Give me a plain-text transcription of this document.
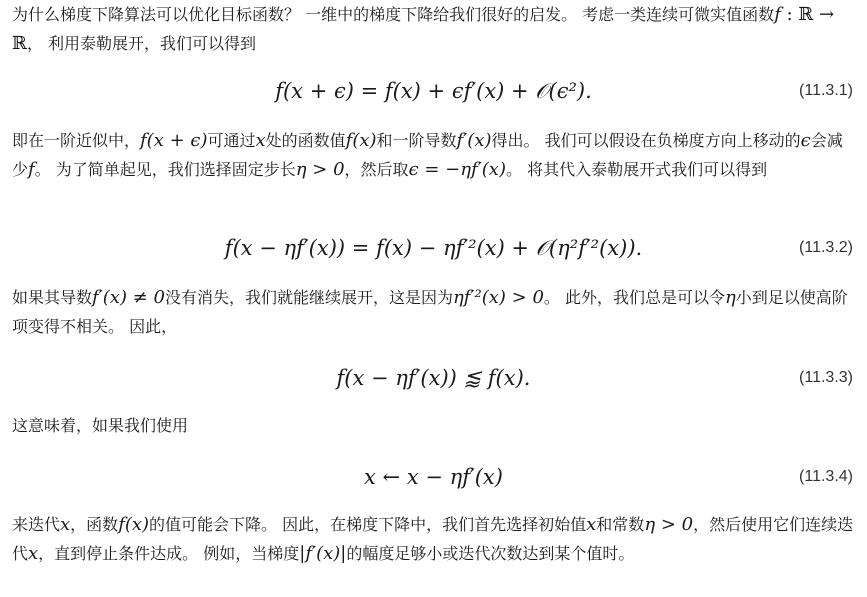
为什么梯度下降算法可以优化目标函数？ 一维中的梯度下降给我们很好的启发。 考虑一类连续可微实值函数f : ℝ → ℝ， 利用泰勒展开，我们可以得到

f(x + ϵ) = f(x) + ϵf′(x) + 𝒪(ϵ²).	(11.3.1)

即在一阶近似中，f(x + ϵ)可通过x处的函数值f(x)和一阶导数f′(x)得出。 我们可以假设在负梯度方向上移动的ϵ会减少f。 为了简单起见，我们选择固定步长η > 0，然后取ϵ = −ηf′(x)。 将其代入泰勒展开式我们可以得到

f(x − ηf′(x)) = f(x) − ηf′²(x) + 𝒪(η²f′²(x)).	(11.3.2)

如果其导数f′(x) ≠ 0没有消失，我们就能继续展开，这是因为ηf′²(x) > 0。 此外，我们总是可以令η小到足以使高阶项变得不相关。 因此，

f(x − ηf′(x)) ⪅ f(x).	(11.3.3)

这意味着，如果我们使用

x ← x − ηf′(x)	(11.3.4)

来迭代x，函数f(x)的值可能会下降。 因此，在梯度下降中，我们首先选择初始值x和常数η > 0，然后使用它们连续迭代x，直到停止条件达成。 例如，当梯度|f′(x)|的幅度足够小或迭代次数达到某个值时。
